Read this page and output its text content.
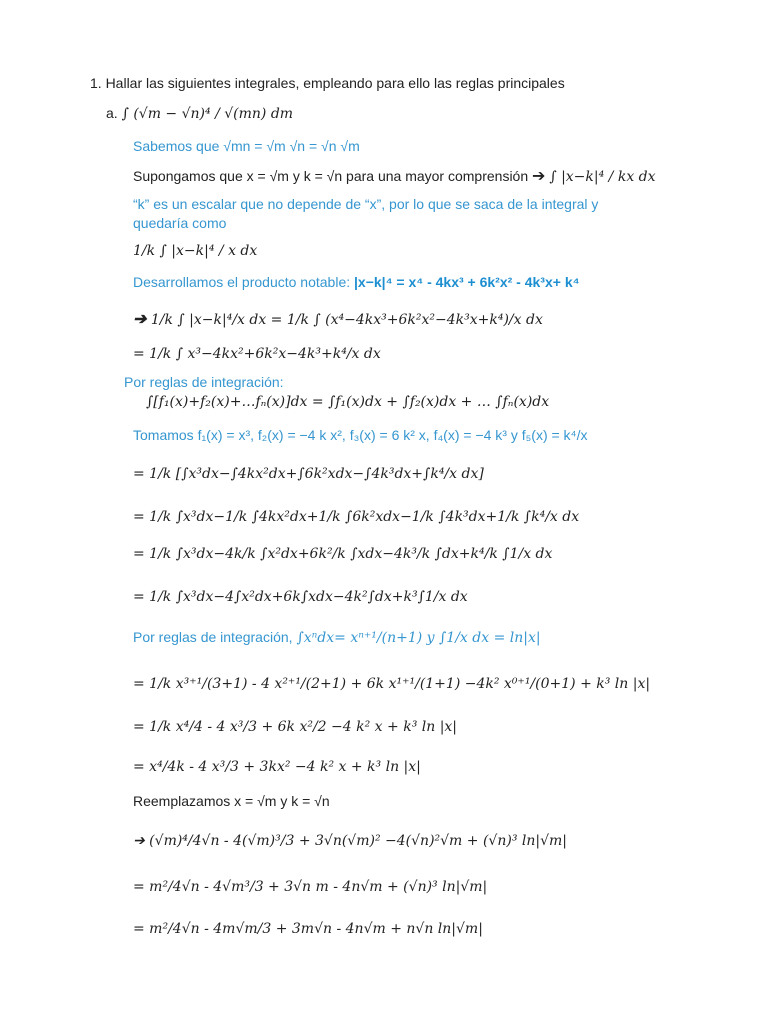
1. Hallar las siguientes integrales, empleando para ello las reglas principales
a. ∫ (√m − √n)⁴ / √(mn) dm
Sabemos que √mn = √m √n = √n √m
Supongamos que x = √m y k = √n para una mayor comprensión ➔ ∫ |x−k|⁴ / kx dx
“k” es un escalar que no depende de “x”, por lo que se saca de la integral y
quedaría como
1/k ∫ |x−k|⁴ / x dx
Desarrollamos el producto notable: |x−k|⁴ = x⁴ - 4kx³ + 6k²x² - 4k³x+ k⁴
➔ 1/k ∫ |x−k|⁴/x dx = 1/k ∫ (x⁴−4kx³+6k²x²−4k³x+k⁴)/x dx
= 1/k ∫ x³−4kx²+6k²x−4k³+k⁴/x dx
Por reglas de integración:
∫[f₁(x)+f₂(x)+…fₙ(x)]dx = ∫f₁(x)dx + ∫f₂(x)dx + … ∫fₙ(x)dx
Tomamos f₁(x) = x³, f₂(x) = −4 k x², f₃(x) = 6 k² x, f₄(x) = −4 k³ y f₅(x) = k⁴/x
= 1/k [∫x³dx−∫4kx²dx+∫6k²xdx−∫4k³dx+∫k⁴/x dx]
= 1/k ∫x³dx−1/k ∫4kx²dx+1/k ∫6k²xdx−1/k ∫4k³dx+1/k ∫k⁴/x dx
= 1/k ∫x³dx−4k/k ∫x²dx+6k²/k ∫xdx−4k³/k ∫dx+k⁴/k ∫1/x dx
= 1/k ∫x³dx−4∫x²dx+6k∫xdx−4k²∫dx+k³∫1/x dx
Por reglas de integración, ∫xⁿdx= xⁿ⁺¹/(n+1) y ∫1/x dx = ln|x|
= 1/k x³⁺¹/(3+1) - 4 x²⁺¹/(2+1) + 6k x¹⁺¹/(1+1) −4k² x⁰⁺¹/(0+1) + k³ ln |x|
= 1/k x⁴/4 - 4 x³/3 + 6k x²/2 −4 k² x + k³ ln |x|
= x⁴/4k - 4 x³/3 + 3kx² −4 k² x + k³ ln |x|
Reemplazamos x = √m y k = √n
➔ (√m)⁴/4√n - 4(√m)³/3 + 3√n(√m)² −4(√n)²√m + (√n)³ ln|√m|
= m²/4√n - 4√m³/3 + 3√n m - 4n√m + (√n)³ ln|√m|
= m²/4√n - 4m√m/3 + 3m√n - 4n√m + n√n ln|√m|
